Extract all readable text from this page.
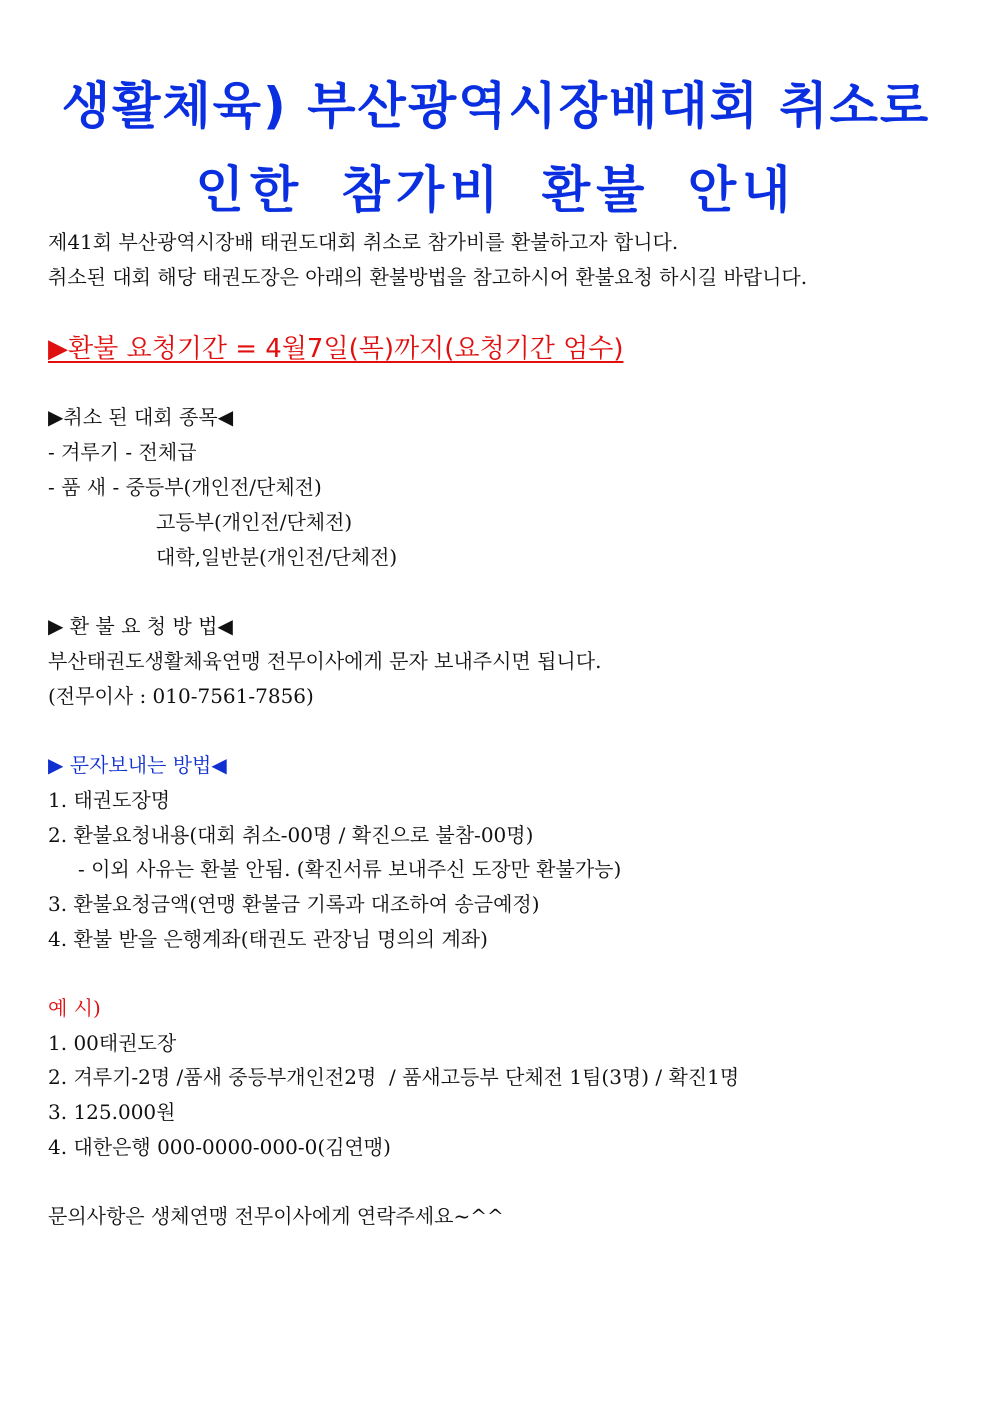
생활체육) 부산광역시장배대회 취소로
인한 참가비 환불 안내
제41회 부산광역시장배 태권도대회 취소로 참가비를 환불하고자 합니다.
취소된 대회 해당 태권도장은 아래의 환불방법을 참고하시어 환불요청 하시길 바랍니다.
▶환불 요청기간 = 4월7일(목)까지(요청기간 엄수)
▶취소 된 대회 종목◀
- 겨루기 - 전체급
- 품 새 - 중등부(개인전/단체전)
고등부(개인전/단체전)
대학,일반분(개인전/단체전)
▶ 환 불 요 청 방 법◀
부산태권도생활체육연맹 전무이사에게 문자 보내주시면 됩니다.
(전무이사 : 010-7561-7856)
▶ 문자보내는 방법◀
1. 태권도장명
2. 환불요청내용(대회 취소-00명 / 확진으로 불참-00명)
- 이외 사유는 환불 안됨. (확진서류 보내주신 도장만 환불가능)
3. 환불요청금액(연맹 환불금 기록과 대조하여 송금예정)
4. 환불 받을 은행계좌(태권도 관장님 명의의 계좌)
예 시)
1. 00태권도장
2. 겨루기-2명 /품새 중등부개인전2명  / 품새고등부 단체전 1팀(3명) / 확진1명
3. 125.000원
4. 대한은행 000-0000-000-0(김연맹)
문의사항은 생체연맹 전무이사에게 연락주세요~^^
